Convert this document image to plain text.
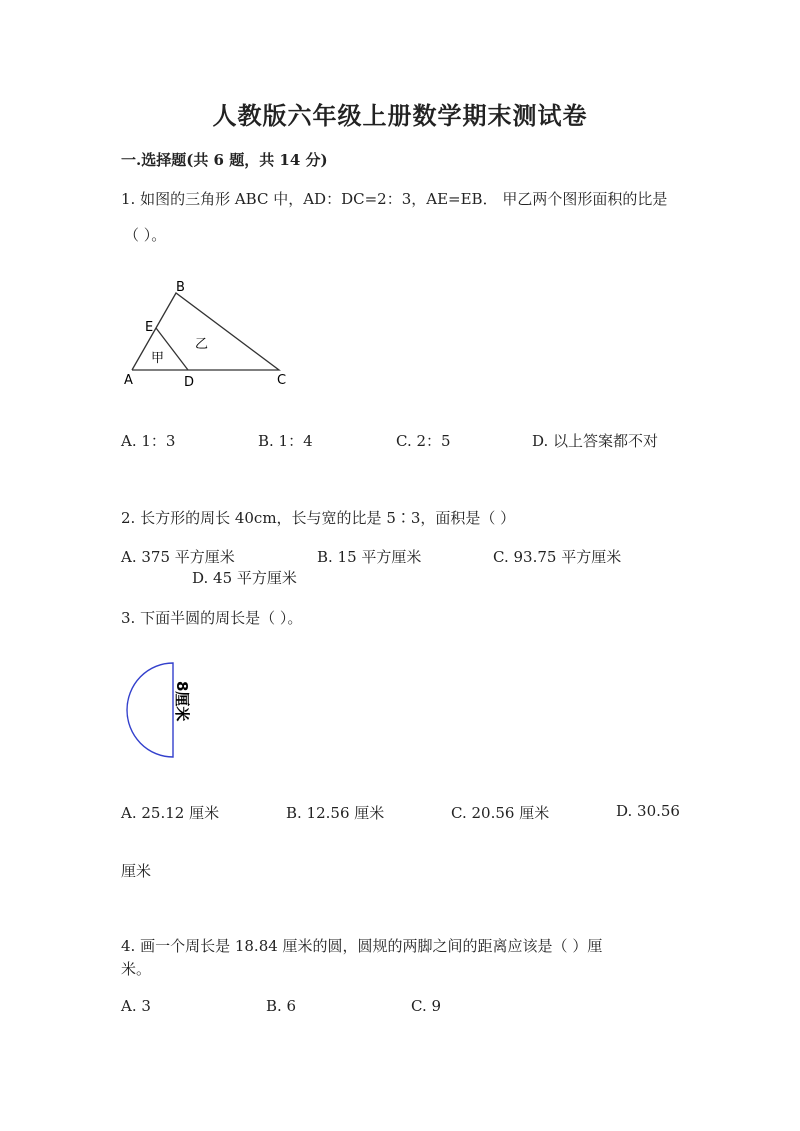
人教版六年级上册数学期末测试卷
一.选择题(共 6 题，共 14 分)
1. 如图的三角形 ABC 中，AD：DC=2：3，AE=EB． 甲乙两个图形面积的比是
（ ）。
B
E
A	D	C
甲
乙
A. 1：3	B. 1：4	C. 2：5	D. 以上答案都不对
2. 长方形的周长 40cm，长与宽的比是 5∶3，面积是（ ）
A. 375 平方厘米	B. 15 平方厘米	C. 93.75 平方厘米
D. 45 平方厘米
3. 下面半圆的周长是（ ）。
8厘米
A. 25.12 厘米	B. 12.56 厘米	C. 20.56 厘米	D. 30.56
厘米
4. 画一个周长是 18.84 厘米的圆，圆规的两脚之间的距离应该是（ ）厘
米。
A. 3	B. 6	C. 9
